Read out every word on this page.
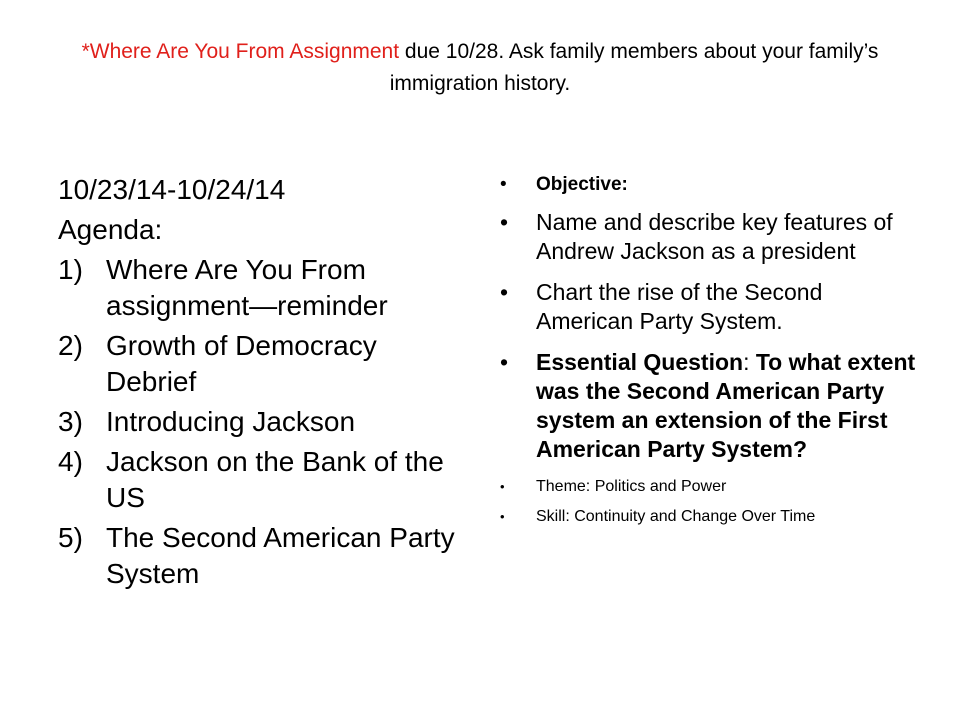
*Where Are You From Assignment due 10/28. Ask family members about your family’s immigration history.
10/23/14-10/24/14
Agenda:
1) Where Are You From assignment—reminder
2) Growth of Democracy Debrief
3) Introducing Jackson
4) Jackson on the Bank of the US
5) The Second American Party System
•	Objective:
•	Name and describe key features of Andrew Jackson as a president
•	Chart the rise of the Second American Party System.
•	Essential Question: To what extent was the Second American Party system an extension of the First American Party System?
•	Theme: Politics and Power
•	Skill: Continuity and Change Over Time
